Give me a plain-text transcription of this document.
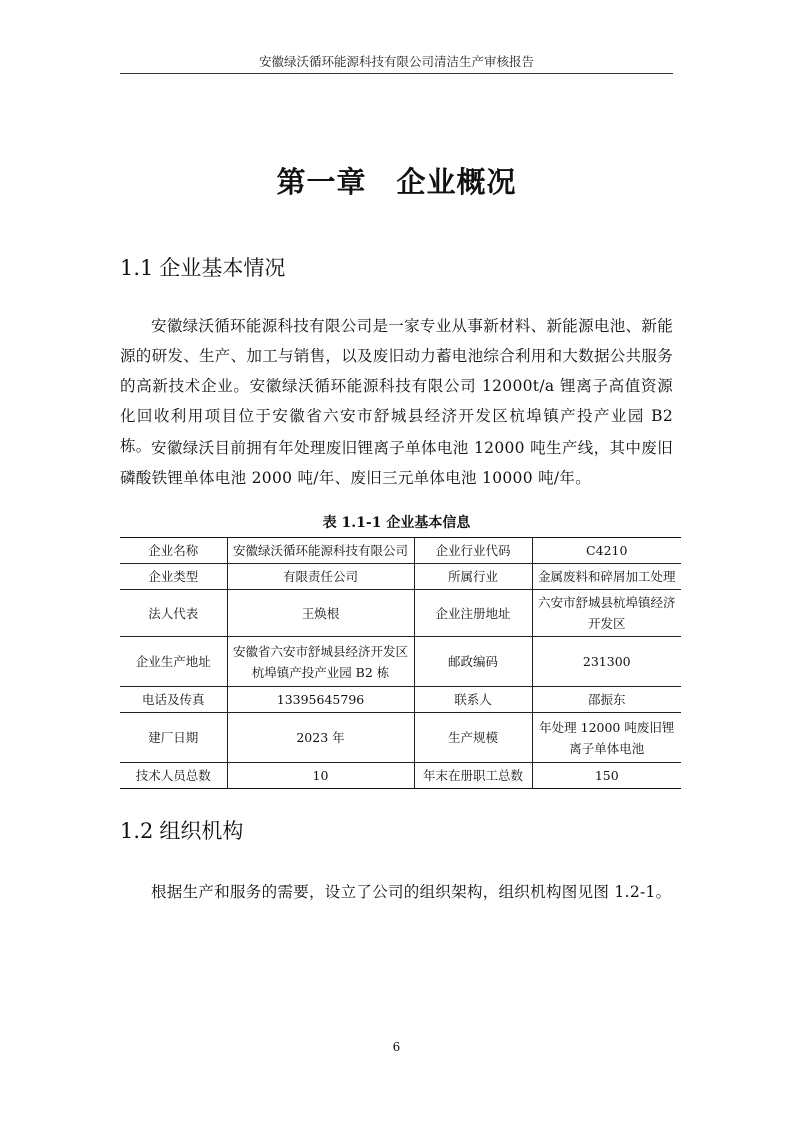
安徽绿沃循环能源科技有限公司清洁生产审核报告
第一章　企业概况
1.1 企业基本情况
安徽绿沃循环能源科技有限公司是一家专业从事新材料、新能源电池、新能源的研发、生产、加工与销售，以及废旧动力蓄电池综合利用和大数据公共服务的高新技术企业。安徽绿沃循环能源科技有限公司 12000t/a 锂离子高值资源化回收利用项目位于安徽省六安市舒城县经济开发区杭埠镇产投产业园 B2 栋。 安徽绿沃目前拥有年处理废旧锂离子单体电池 12000 吨生产线，其中废旧磷酸铁锂单体电池 2000 吨/年、废旧三元单体电池 10000 吨/年。
表 1.1-1 企业基本信息
企业名称	安徽绿沃循环能源科技有限公司	企业行业代码	C4210
企业类型	有限责任公司	所属行业	金属废料和碎屑加工处理
法人代表	王焕根	企业注册地址	六安市舒城县杭埠镇经济开发区
企业生产地址	安徽省六安市舒城县经济开发区杭埠镇产投产业园 B2 栋	邮政编码	231300
电话及传真	13395645796	联系人	邵振东
建厂日期	2023 年	生产规模	年处理 12000 吨废旧锂离子单体电池
技术人员总数	10	年末在册职工总数	150
1.2 组织机构
根据生产和服务的需要，设立了公司的组织架构，组织机构图见图 1.2-1。
6
